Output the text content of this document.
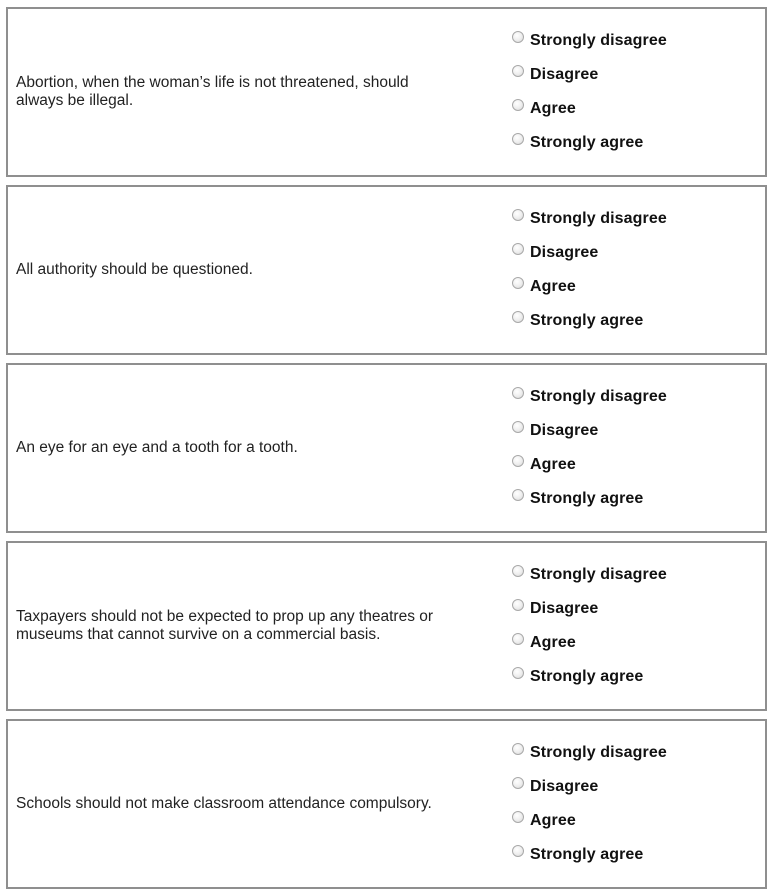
Abortion, when the woman’s life is not threatened, should always be illegal.
Strongly disagree
Disagree
Agree
Strongly agree
All authority should be questioned.
Strongly disagree
Disagree
Agree
Strongly agree
An eye for an eye and a tooth for a tooth.
Strongly disagree
Disagree
Agree
Strongly agree
Taxpayers should not be expected to prop up any theatres or museums that cannot survive on a commercial basis.
Strongly disagree
Disagree
Agree
Strongly agree
Schools should not make classroom attendance compulsory.
Strongly disagree
Disagree
Agree
Strongly agree
